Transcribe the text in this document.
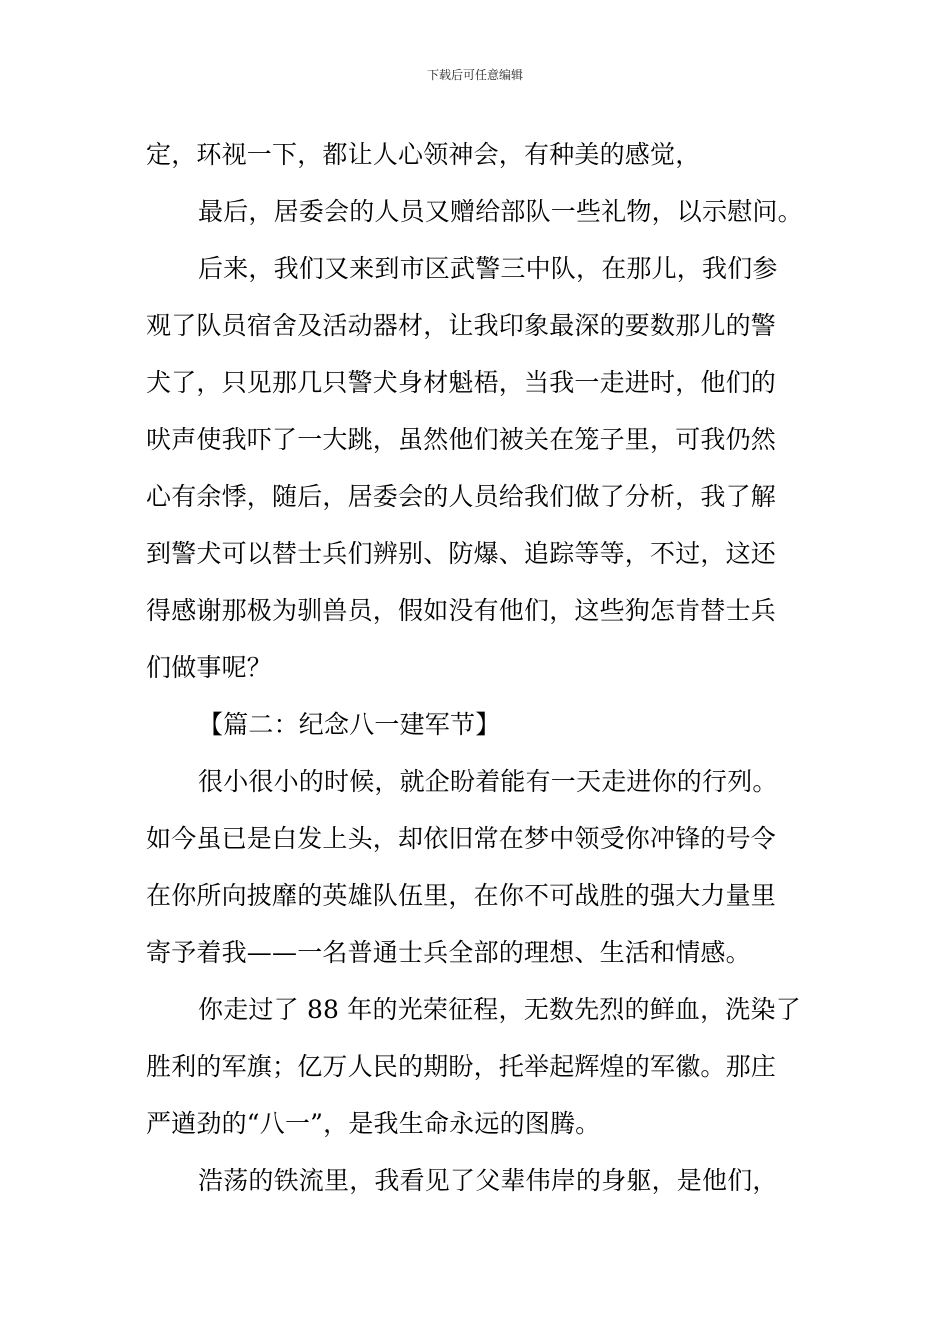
下载后可任意编辑
定，环视一下，都让人心领神会，有种美的感觉，
最后，居委会的人员又赠给部队一些礼物，以示慰问。
后来，我们又来到市区武警三中队，在那儿，我们参
观了队员宿舍及活动器材，让我印象最深的要数那儿的警
犬了，只见那几只警犬身材魁梧，当我一走进时，他们的
吠声使我吓了一大跳，虽然他们被关在笼子里，可我仍然
心有余悸，随后，居委会的人员给我们做了分析，我了解
到警犬可以替士兵们辨别、防爆、追踪等等，不过，这还
得感谢那极为驯兽员，假如没有他们，这些狗怎肯替士兵
们做事呢？
【篇二：纪念八一建军节】
很小很小的时候，就企盼着能有一天走进你的行列。
如今虽已是白发上头，却依旧常在梦中领受你冲锋的号令
在你所向披靡的英雄队伍里，在你不可战胜的强大力量里
寄予着我——一名普通士兵全部的理想、生活和情感。
你走过了 88 年的光荣征程，无数先烈的鲜血，洗染了
胜利的军旗；亿万人民的期盼，托举起辉煌的军徽。那庄
严遒劲的“八一”，是我生命永远的图腾。
浩荡的铁流里，我看见了父辈伟岸的身躯，是他们，
